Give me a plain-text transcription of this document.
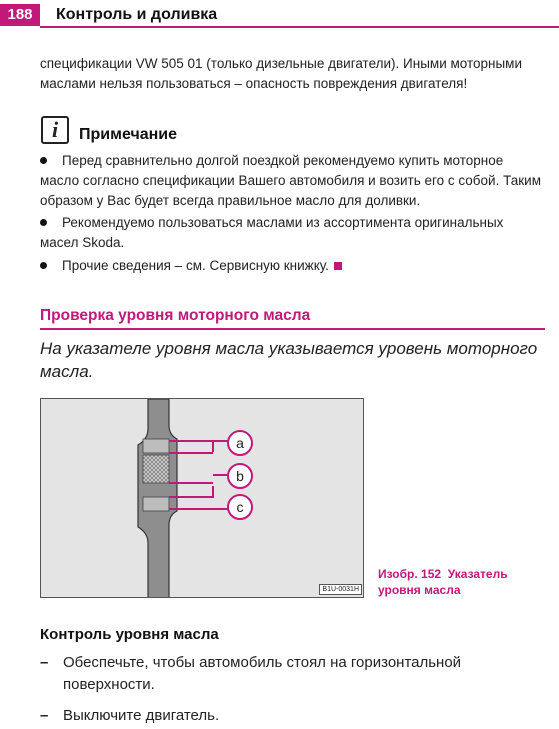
188	Контроль и доливка
спецификации VW 505 01 (только дизельные двигатели). Иными моторными маслами нельзя пользоваться – опасность повреждения двигателя!
i	Примечание
Перед сравнительно долгой поездкой рекомендуемо купить моторное масло согласно спецификации Вашего автомобиля и возить его с собой. Таким образом у Вас будет всегда правильное масло для доливки.
Рекомендуемо пользоваться маслами из ассортимента оригинальных масел Skoda.
Прочие сведения – см. Сервисную книжку.
Проверка уровня моторного масла
На указателе уровня масла указывается уровень моторного масла.
a
b
c
B1U-0031H
Изобр. 152 Указатель уровня масла
Контроль уровня масла
– Обеспечьте, чтобы автомобиль стоял на горизонтальной поверхности.
– Выключите двигатель.
